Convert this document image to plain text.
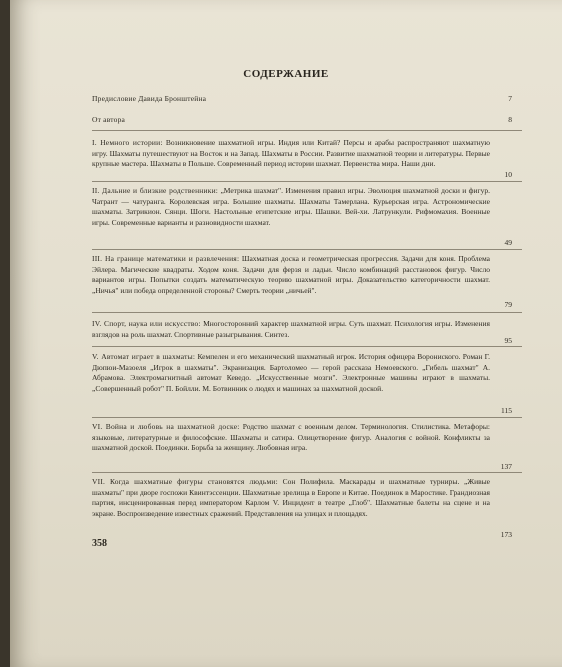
СОДЕРЖАНИЕ
Предисловие Давида Бронштейна	7
От автора	8
I. Немного истории: Возникновение шахматной игры. Индия или Китай? Персы и арабы распространяют шахматную игру. Шахматы путешествуют на Восток и на Запад. Шахматы в России. Развитие шахматной теории и литературы. Первые крупные мастера. Шахматы в Польше. Современный период истории шахмат. Первенства мира. Наши дни.
10
II. Дальние и близкие родственники: „Метрика шахмат". Изменения правил игры. Эволюция шахматной доски и фигур. Чатрант — чатуранга. Королевская игра. Большие шахматы. Шахматы Тамерлана. Курьерская игра. Астрономические шахматы. Затрикион. Сянци. Шоги. Настольные египетские игры. Шашки. Вей-хи. Латрункули. Рифмомахия. Военные игры. Современные варианты и разновидности шахмат.
49
III. На границе математики и развлечения: Шахматная доска и геометрическая прогрессия. Задачи для коня. Проблема Эйлера. Магические квадраты. Ходом коня. Задачи для ферзя и ладьи. Число комбинаций расстановок фигур. Число вариантов игры. Попытки создать математическую теорию шахматной игры. Доказательство категоричности шахмат. „Ничья" или победа определенной стороны? Смерть теории „ничьей".
79
IV. Спорт, наука или искусство: Многосторонний характер шахматной игры. Суть шахмат. Психология игры. Изменения взглядов на роль шахмат. Спортивные разыгрывания. Синтез.
95
V. Автомат играет в шахматы: Кемпелен и его механический шахматный игрок. История офицера Ворониского. Роман Г. Дюпюи-Мазоеля „Игрок в шахматы". Экранизация. Бартоломео — герой рассказа Немоевского. „Гибель шахмат" А. Абрамова. Электромагнитный автомат Кеведо. „Искусственные мозги". Электронные машины играют в шахматы. „Совершенный робот" П. Бойлли. М. Ботвинник о людях и машинах за шахматной доской.
115
VI. Война и любовь на шахматной доске: Родство шахмат с военным делом. Терминология. Стилистика. Метафоры: языковые, литературные и философские. Шахматы и сатира. Олицетворение фигур. Аналогия с войной. Конфликты за шахматной доской. Поединки. Борьба за женщину. Любовная игра.
137
VII. Когда шахматные фигуры становятся людьми: Сон Полифила. Маскарады и шахматные турниры. „Живые шахматы" при дворе госпожи Квинтэссенции. Шахматные зрелища в Европе и Китае. Поединок в Маростике. Грандиозная партия, инсценированная перед императором Карлом V. Инцидент в театре „Глоб". Шахматные балеты на сцене и на экране. Воспроизведение известных сражений. Представления на улицах и площадях.
173
358
